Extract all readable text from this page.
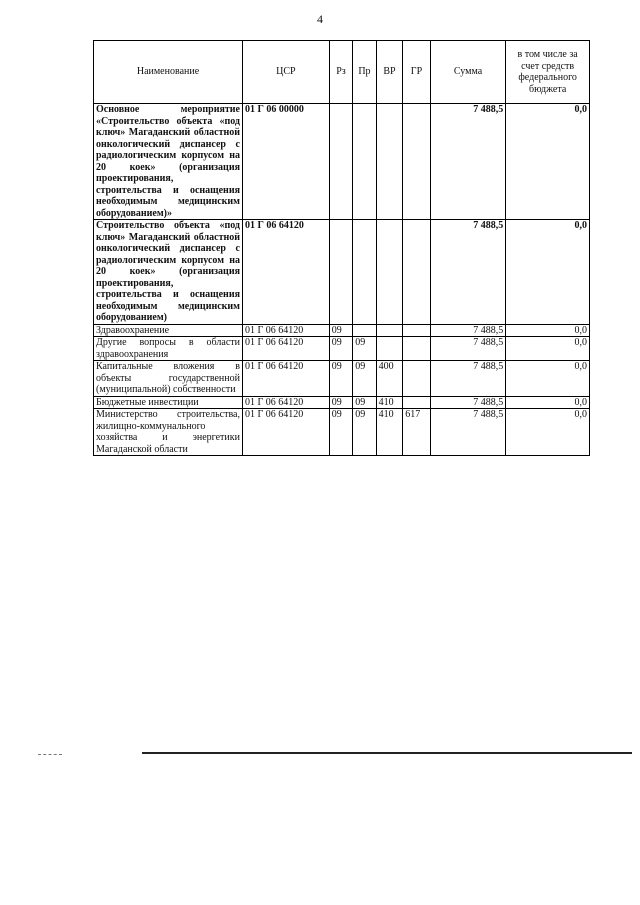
4
Наименование	ЦСР	Рз	Пр	ВР	ГР	Сумма	в том числе за счет средств федерального бюджета
Основное мероприятие «Строительство объекта «под ключ» Магаданский областной онкологический диспансер с радиологическим корпусом на 20 коек» (организация проектирования, строительства и оснащения необходимым медицинским оборудованием)»	01 Г 06 00000					7 488,5	0,0
Строительство объекта «под ключ» Магаданский областной онкологический диспансер с радиологическим корпусом на 20 коек» (организация проектирования, строительства и оснащения необходимым медицинским оборудованием)	01 Г 06 64120					7 488,5	0,0
Здравоохранение	01 Г 06 64120	09				7 488,5	0,0
Другие вопросы в области здравоохранения	01 Г 06 64120	09	09			7 488,5	0,0
Капитальные вложения в объекты государственной (муниципальной) собственности	01 Г 06 64120	09	09	400		7 488,5	0,0
Бюджетные инвестиции	01 Г 06 64120	09	09	410		7 488,5	0,0
Министерство строительства, жилищно-коммунального хозяйства и энергетики Магаданской области	01 Г 06 64120	09	09	410	617	7 488,5	0,0
